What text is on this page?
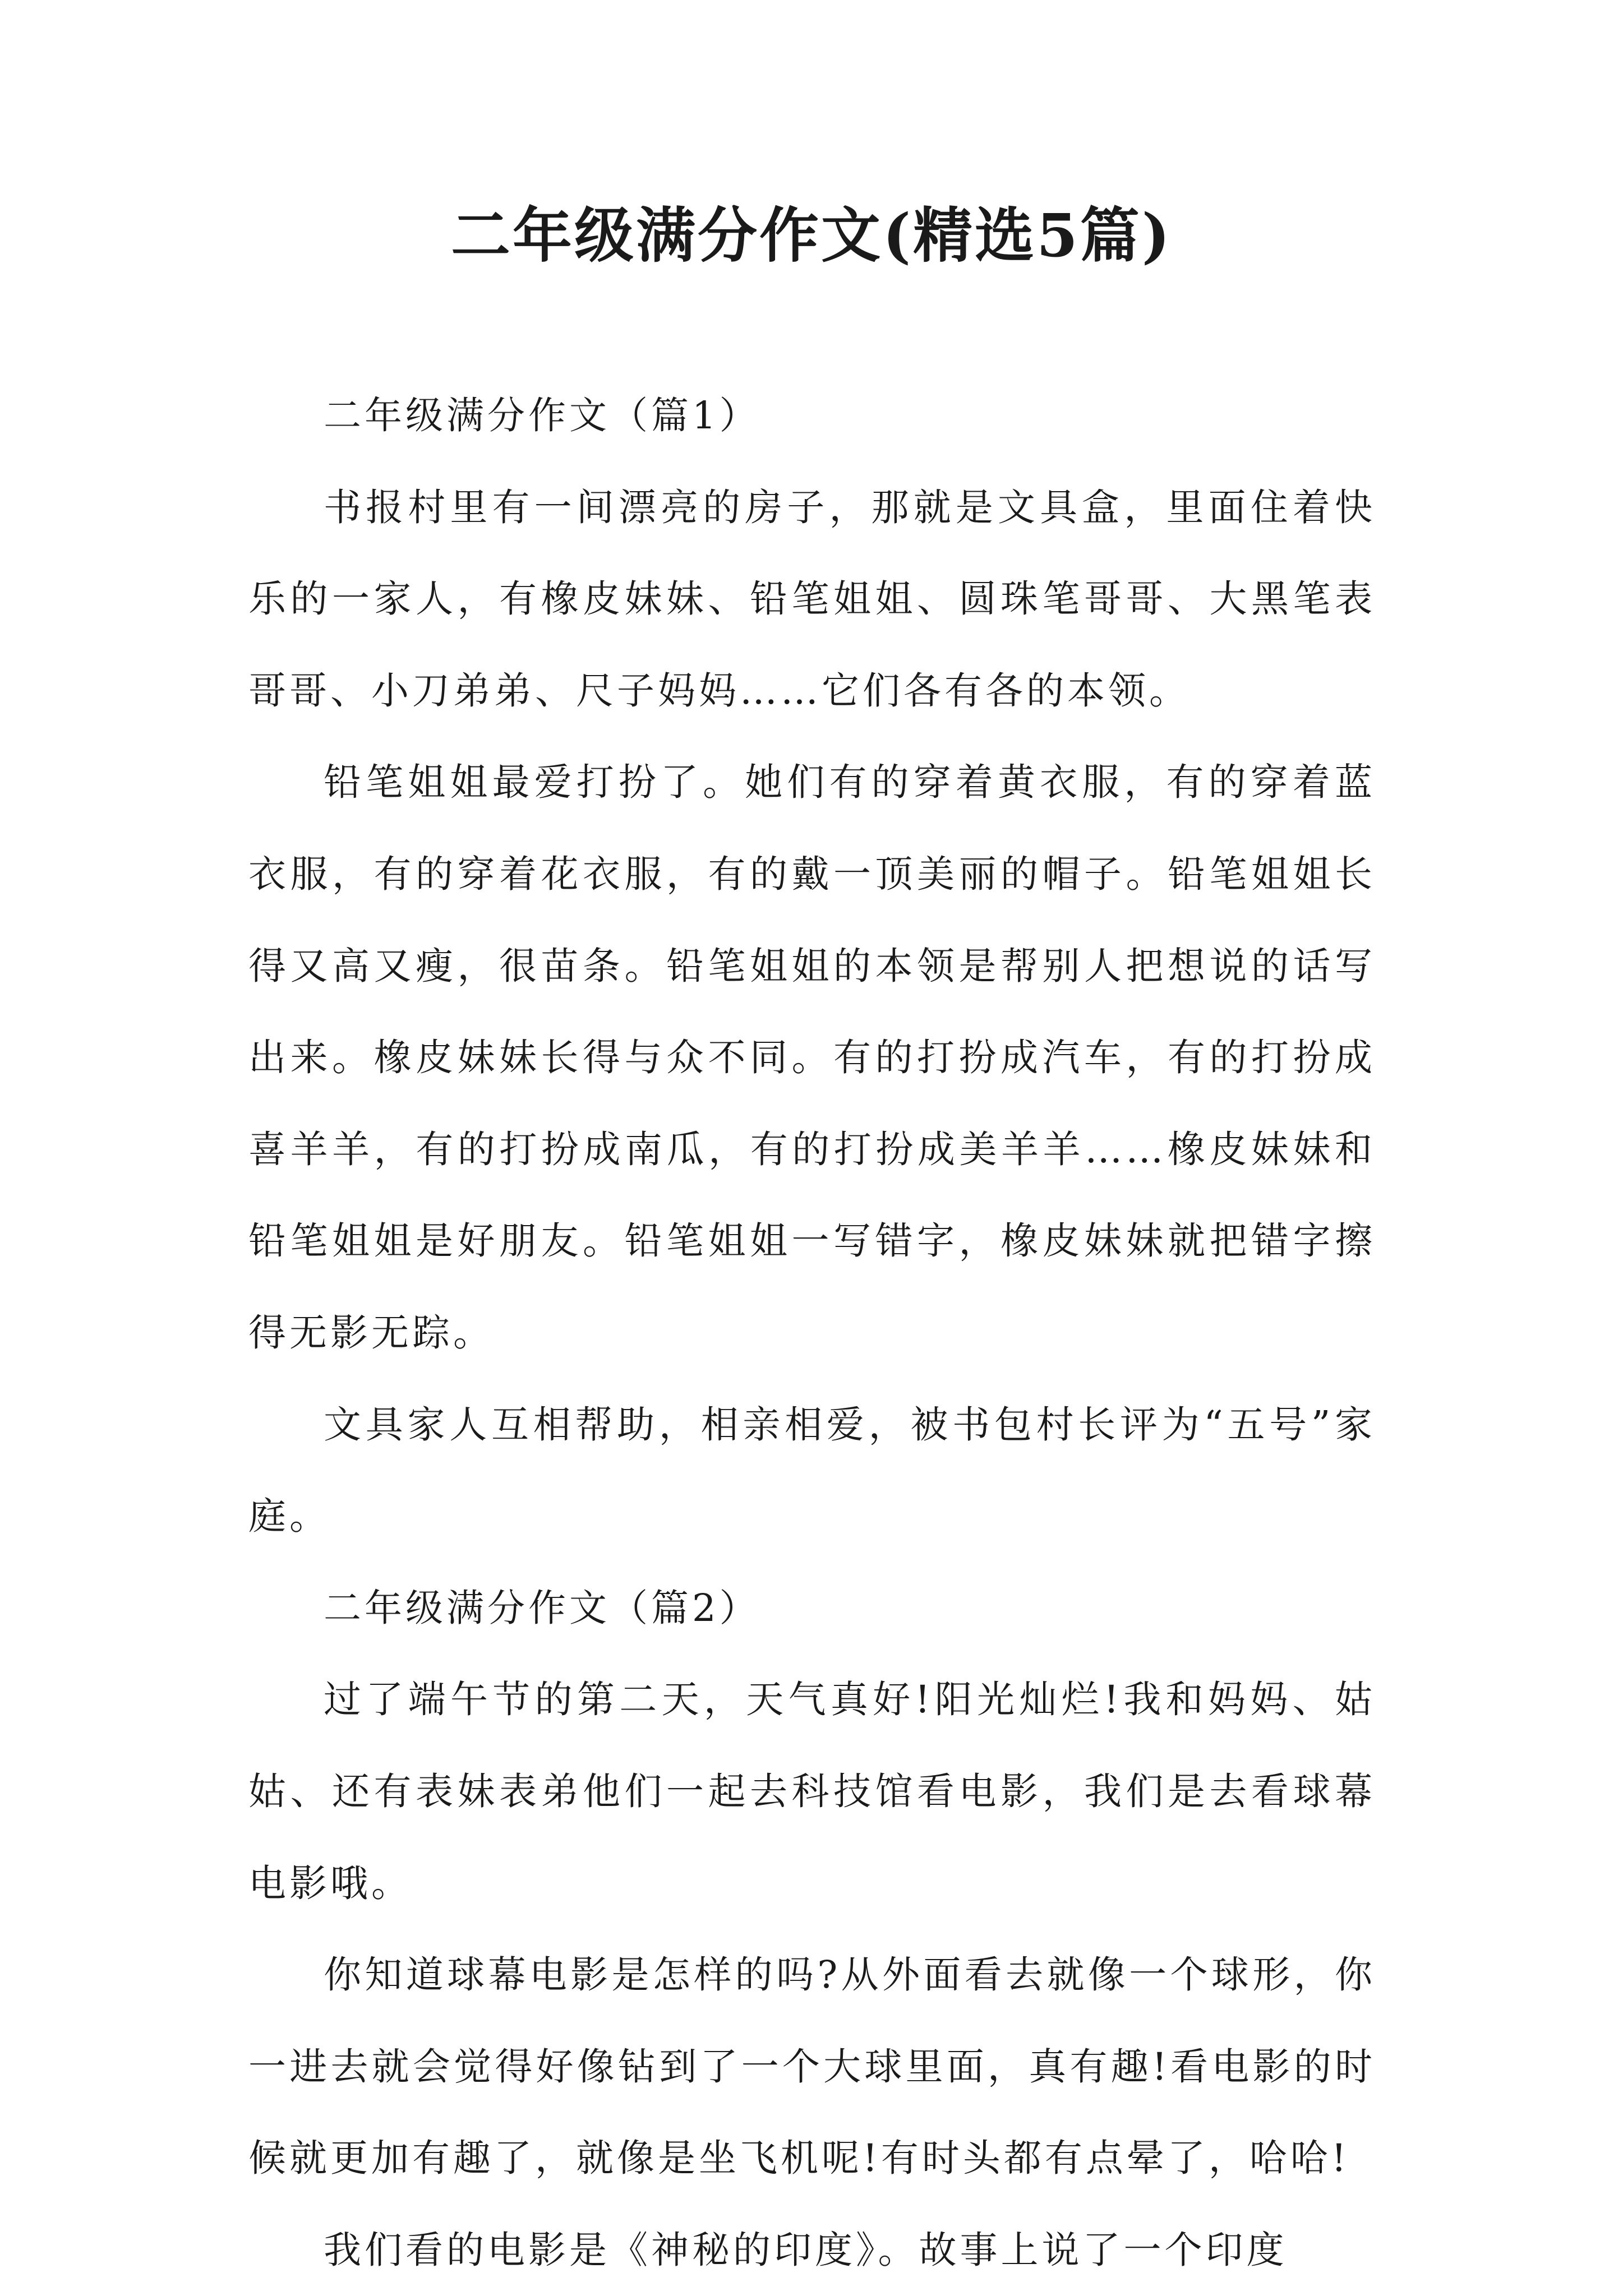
二年级满分作文(精选5篇)

二年级满分作文（篇1）

书报村里有一间漂亮的房子，那就是文具盒，里面住着快乐的一家人，有橡皮妹妹、铅笔姐姐、圆珠笔哥哥、大黑笔表哥哥、小刀弟弟、尺子妈妈……它们各有各的本领。

铅笔姐姐最爱打扮了。她们有的穿着黄衣服，有的穿着蓝衣服，有的穿着花衣服，有的戴一顶美丽的帽子。铅笔姐姐长得又高又瘦，很苗条。铅笔姐姐的本领是帮别人把想说的话写出来。橡皮妹妹长得与众不同。有的打扮成汽车，有的打扮成喜羊羊，有的打扮成南瓜，有的打扮成美羊羊……橡皮妹妹和铅笔姐姐是好朋友。铅笔姐姐一写错字，橡皮妹妹就把错字擦得无影无踪。

文具家人互相帮助，相亲相爱，被书包村长评为“五号”家庭。

二年级满分作文（篇2）

过了端午节的第二天，天气真好!阳光灿烂!我和妈妈、姑姑、还有表妹表弟他们一起去科技馆看电影，我们是去看球幕电影哦。

你知道球幕电影是怎样的吗?从外面看去就像一个球形，你一进去就会觉得好像钻到了一个大球里面，真有趣!看电影的时候就更加有趣了，就像是坐飞机呢!有时头都有点晕了，哈哈!

我们看的电影是《神秘的印度》。故事上说了一个印度
